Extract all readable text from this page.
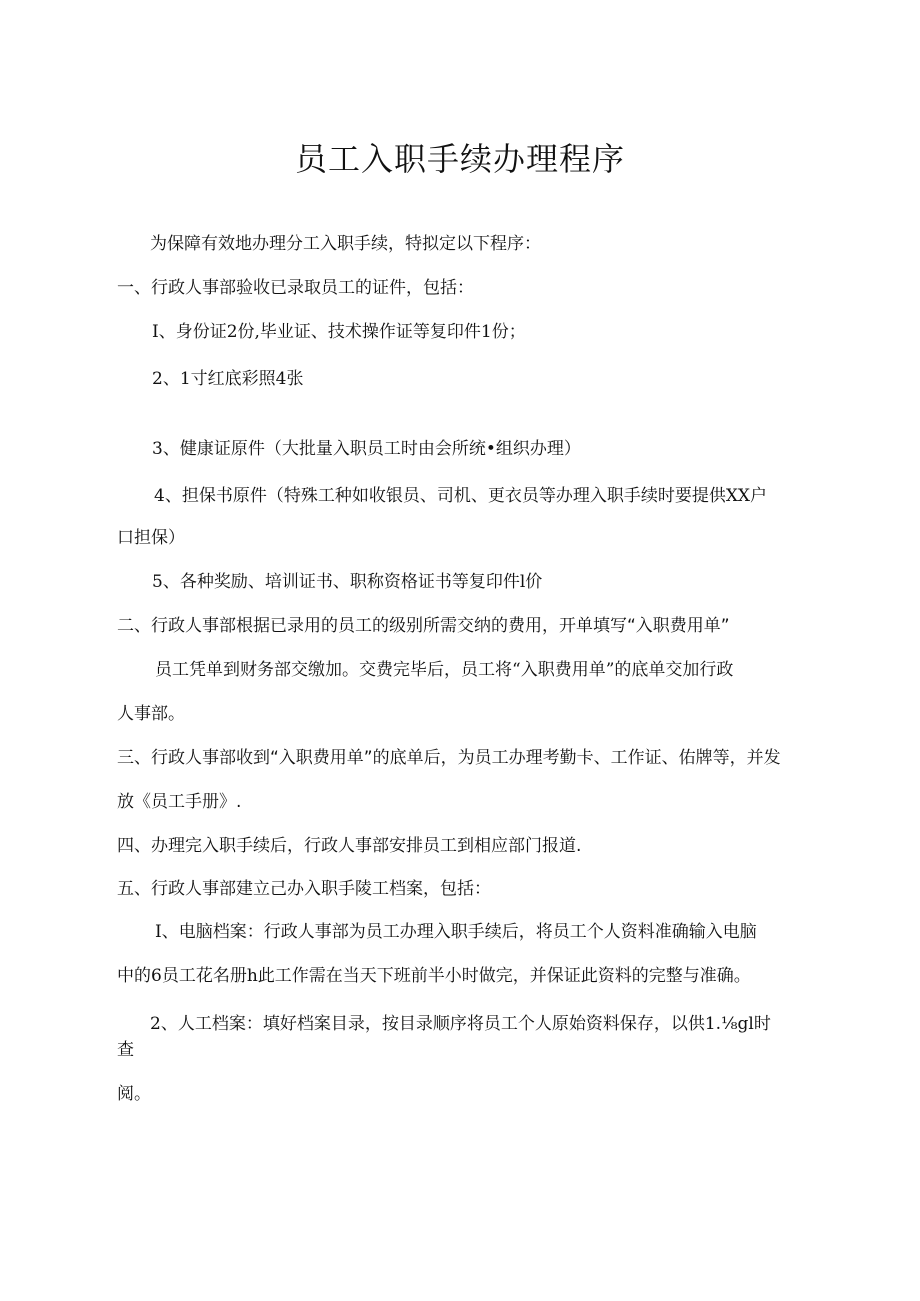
员工入职手续办理程序

为保障有效地办理分工入职手续，特拟定以下程序：

一、行政人事部验收已录取员工的证件，包括：

I、身份证2份,毕业证、技术操作证等复印件1份；

2、1寸红底彩照4张

3、健康证原件（大批量入职员工时由会所统•组织办理）

4、担保书原件（特殊工种如收银员、司机、更衣员等办理入职手续时要提供XX户

口担保）

5、各种奖励、培训证书、职称资格证书等复印件l价

二、行政人事部根据已录用的员工的级别所需交纳的费用，开单填写“入职费用单”

员工凭单到财务部交缴加。交费完毕后，员工将“入职费用单”的底单交加行政

人事部。

三、行政人事部收到“入职费用单”的底单后，为员工办理考勤卡、工作证、佑牌等，并发

放《员工手册》.

四、办理完入职手续后，行政人事部安排员工到相应部门报道.

五、行政人事部建立己办入职手陵工档案，包括：

I、电脑档案：行政人事部为员工办理入职手续后，将员工个人资料准确输入电脑

中的6员工花名册h此工作需在当天下班前半小时做完，并保证此资料的完整与准确。

2、人工档案：填好档案目录，按目录顺序将员工个人原始资料保存，以供1.⅛gl时

查

阅。
